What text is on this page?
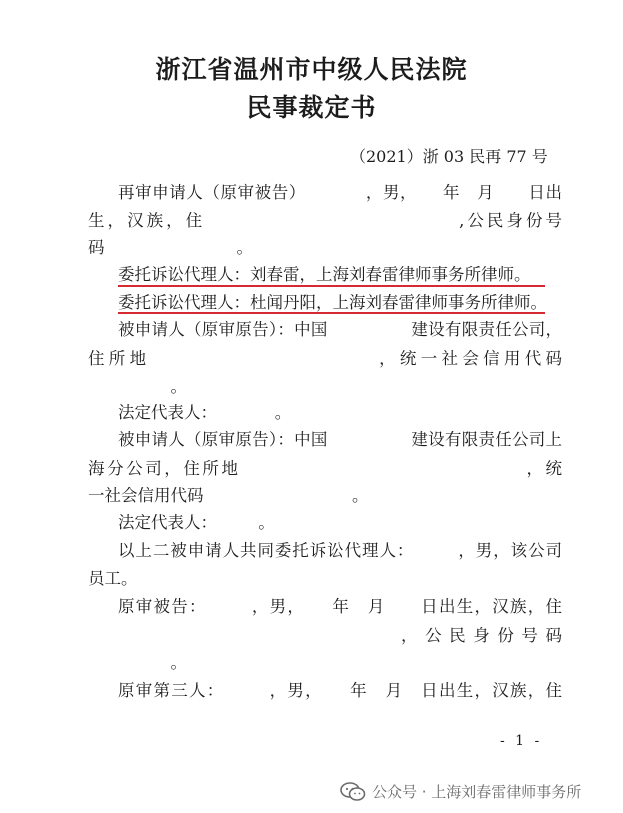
浙江省温州市中级人民法院
民事裁定书
（2021）浙 03 民再 77 号
再审申请人（原审被告）　　　　，男，　　年　月　　日出
生，汉族，住　　　　　　　　　　　　　,公民身份号
码　　　　　　　　。
委托诉讼代理人：刘春雷，上海刘春雷律师事务所律师。
委托诉讼代理人：杜闻丹阳，上海刘春雷律师事务所律师。
被申请人（原审原告）：中国　　　　　建设有限责任公司，
住所地　　　　　　　　　　　，统一社会信用代码
　　　　　。
法定代表人：　　　　。
被申请人（原审原告）：中国　　　　　建设有限责任公司上
海分公司，住所地　　　　　　　　　　　　　　　，统
一社会信用代码　　　　　　　　　。
法定代表人：　　　。
以上二被申请人共同委托诉讼代理人：　　　，男，该公司
员工。
原审被告：　　　，男，　　年　月　　日出生，汉族，住
　　　　　　　　　　　　　，公民身份号码
　　　　　。
原审第三人：　　　，男，　　年　月　日出生，汉族，住
- 1 -
公众号 · 上海刘春雷律师事务所
